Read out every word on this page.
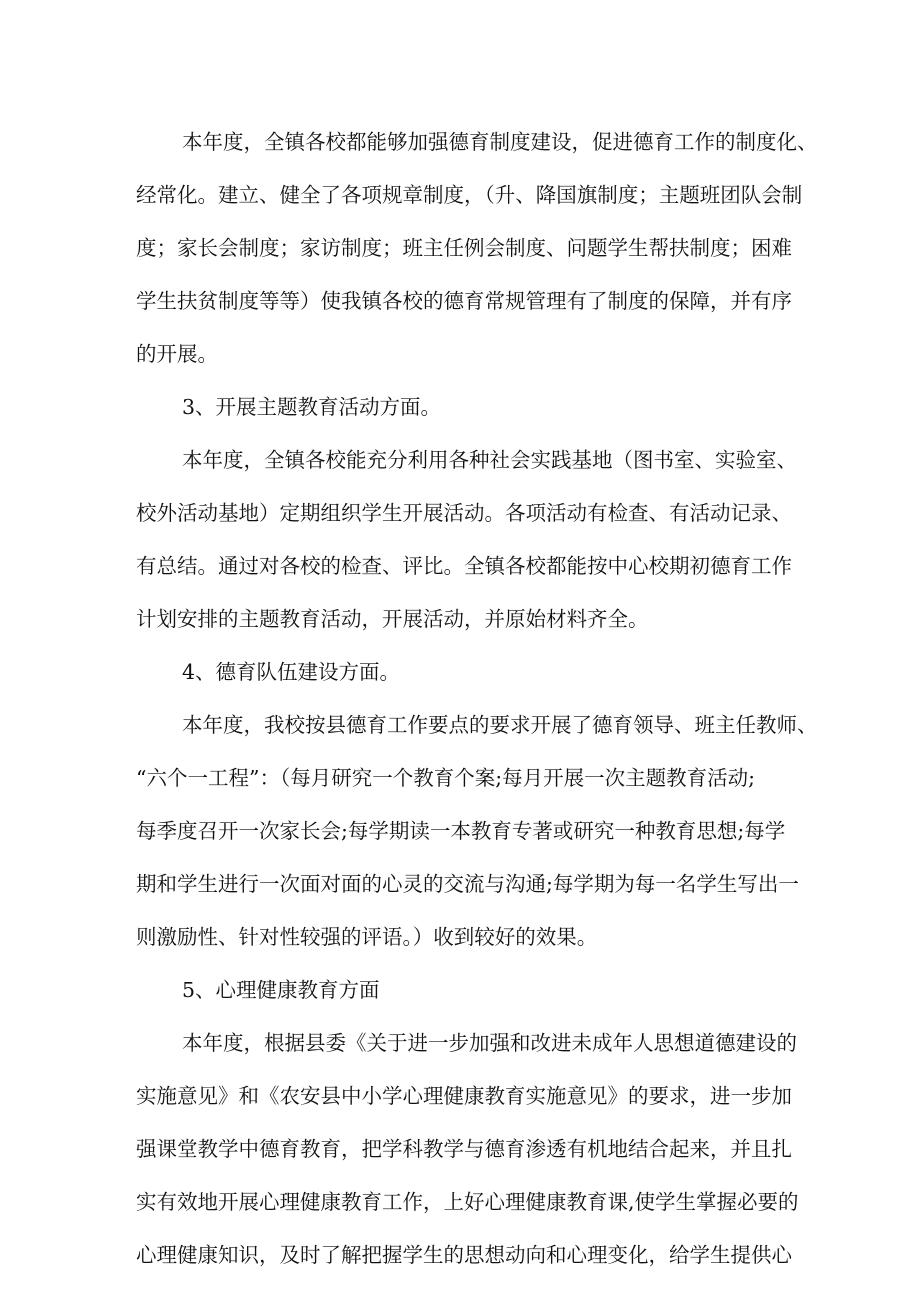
本年度，全镇各校都能够加强德育制度建设，促进德育工作的制度化、
经常化。建立、健全了各项规章制度，（升、降国旗制度；主题班团队会制
度；家长会制度；家访制度；班主任例会制度、问题学生帮扶制度；困难
学生扶贫制度等等）使我镇各校的德育常规管理有了制度的保障，并有序
的开展。
3、开展主题教育活动方面。
本年度，全镇各校能充分利用各种社会实践基地（图书室、实验室、
校外活动基地）定期组织学生开展活动。各项活动有检查、有活动记录、
有总结。通过对各校的检查、评比。全镇各校都能按中心校期初德育工作
计划安排的主题教育活动，开展活动，并原始材料齐全。
4、德育队伍建设方面。
本年度，我校按县德育工作要点的要求开展了德育领导、班主任教师、
“六个一工程”：（每月研究一个教育个案;每月开展一次主题教育活动;
每季度召开一次家长会;每学期读一本教育专著或研究一种教育思想;每学
期和学生进行一次面对面的心灵的交流与沟通;每学期为每一名学生写出一
则激励性、针对性较强的评语。）收到较好的效果。
5、心理健康教育方面
本年度，根据县委《关于进一步加强和改进未成年人思想道德建设的
实施意见》和《农安县中小学心理健康教育实施意见》的要求，进一步加
强课堂教学中德育教育，把学科教学与德育渗透有机地结合起来，并且扎
实有效地开展心理健康教育工作，上好心理健康教育课,使学生掌握必要的
心理健康知识，及时了解把握学生的思想动向和心理变化，给学生提供心
